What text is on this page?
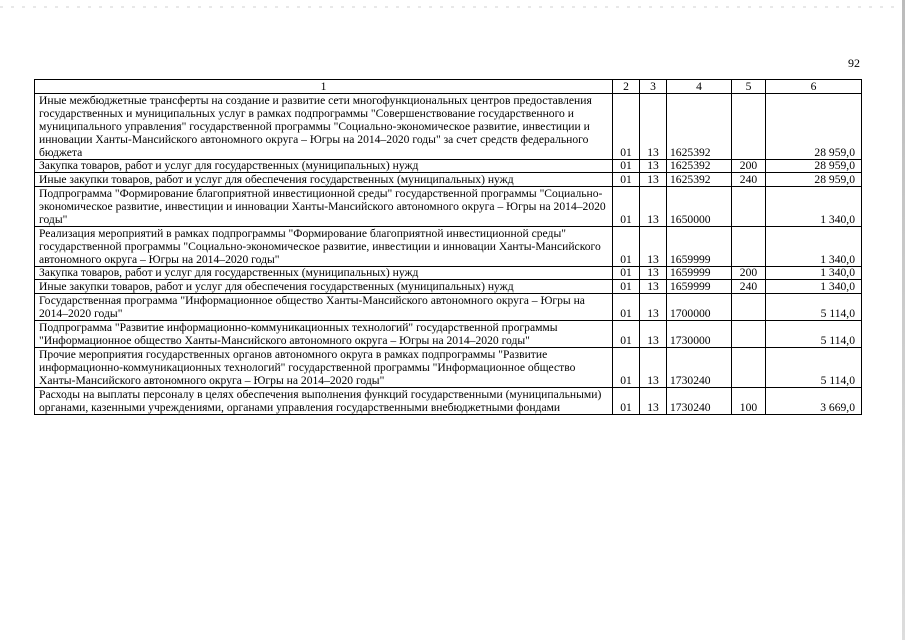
92
1	2	3	4	5	6
Иные межбюджетные трансферты на создание и развитие сети многофункциональных центров предоставления государственных и муниципальных услуг в рамках подпрограммы "Совершенствование государственного и муниципального управления" государственной программы "Социально-экономическое развитие, инвестиции и инновации Ханты-Мансийского автономного округа – Югры на 2014–2020 годы" за счет средств федерального бюджета	01	13	1625392		28 959,0
Закупка товаров, работ и услуг для государственных (муниципальных) нужд	01	13	1625392	200	28 959,0
Иные закупки товаров, работ и услуг для обеспечения государственных (муниципальных) нужд	01	13	1625392	240	28 959,0
Подпрограмма "Формирование благоприятной инвестиционной среды" государственной программы "Социально-экономическое развитие, инвестиции и инновации Ханты-Мансийского автономного округа – Югры на 2014–2020 годы"	01	13	1650000		1 340,0
Реализация мероприятий в рамках подпрограммы "Формирование благоприятной инвестиционной среды" государственной программы "Социально-экономическое развитие, инвестиции и инновации Ханты-Мансийского автономного округа – Югры на 2014–2020 годы"	01	13	1659999		1 340,0
Закупка товаров, работ и услуг для государственных (муниципальных) нужд	01	13	1659999	200	1 340,0
Иные закупки товаров, работ и услуг для обеспечения государственных (муниципальных) нужд	01	13	1659999	240	1 340,0
Государственная программа "Информационное общество Ханты-Мансийского автономного округа – Югры на 2014–2020 годы"	01	13	1700000		5 114,0
Подпрограмма "Развитие информационно-коммуникационных технологий" государственной программы "Информационное общество Ханты-Мансийского автономного округа – Югры на 2014–2020 годы"	01	13	1730000		5 114,0
Прочие мероприятия государственных органов автономного округа в рамках подпрограммы "Развитие информационно-коммуникационных технологий" государственной программы "Информационное общество Ханты-Мансийского автономного округа – Югры на 2014–2020 годы"	01	13	1730240		5 114,0
Расходы на выплаты персоналу в целях обеспечения выполнения функций государственными (муниципальными) органами, казенными учреждениями, органами управления государственными внебюджетными фондами	01	13	1730240	100	3 669,0
